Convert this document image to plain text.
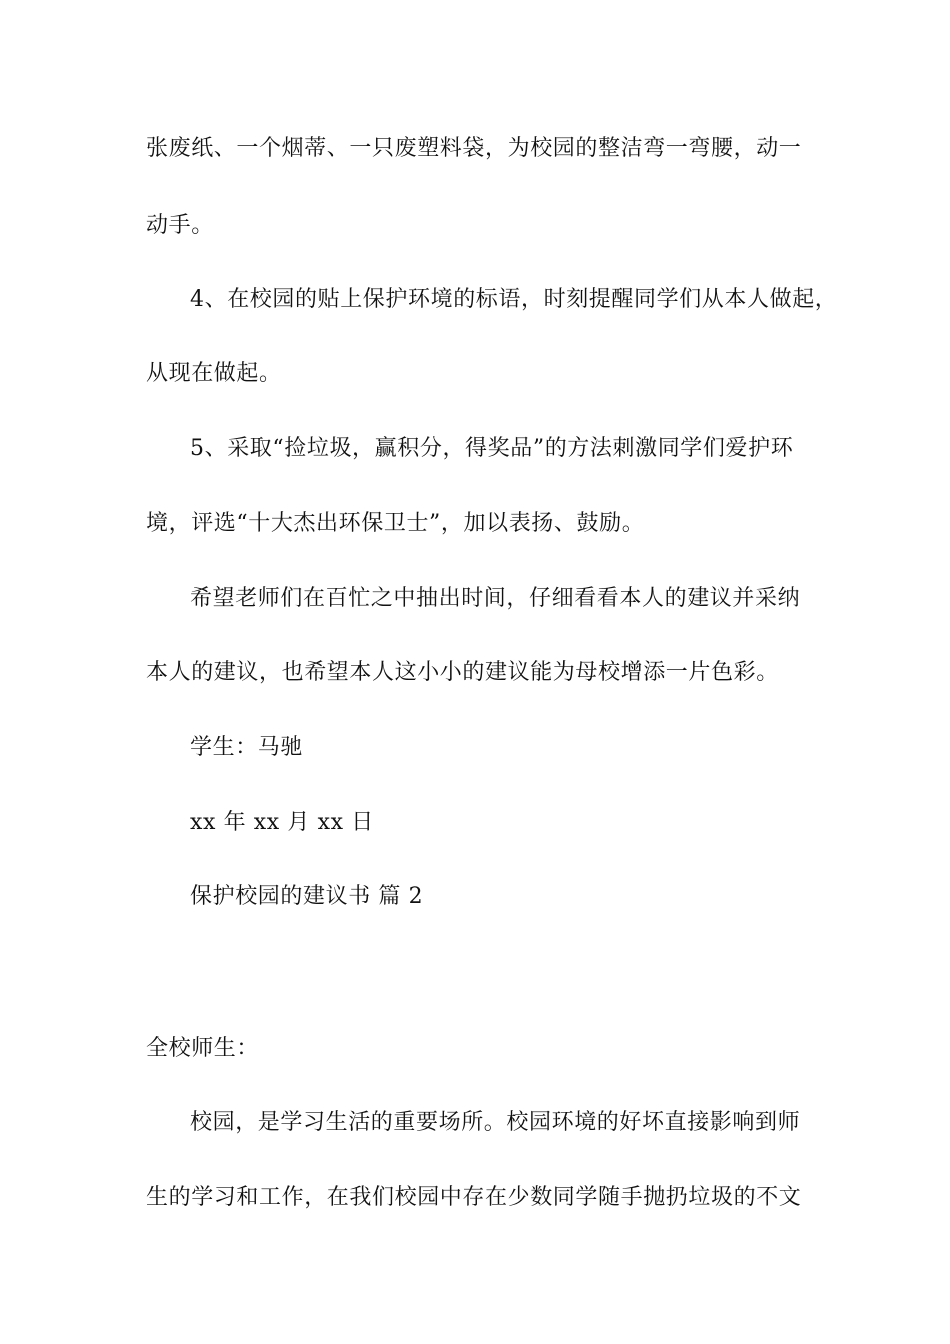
张废纸、一个烟蒂、一只废塑料袋，为校园的整洁弯一弯腰，动一

动手。

4、在校园的贴上保护环境的标语，时刻提醒同学们从本人做起，

从现在做起。

5、采取“捡垃圾，赢积分，得奖品”的方法刺激同学们爱护环

境，评选“十大杰出环保卫士”，加以表扬、鼓励。

希望老师们在百忙之中抽出时间，仔细看看本人的建议并采纳

本人的建议，也希望本人这小小的建议能为母校增添一片色彩。

学生：马驰

xx 年 xx 月 xx 日

保护校园的建议书 篇 2

全校师生：

校园，是学习生活的重要场所。校园环境的好坏直接影响到师

生的学习和工作，在我们校园中存在少数同学随手抛扔垃圾的不文
